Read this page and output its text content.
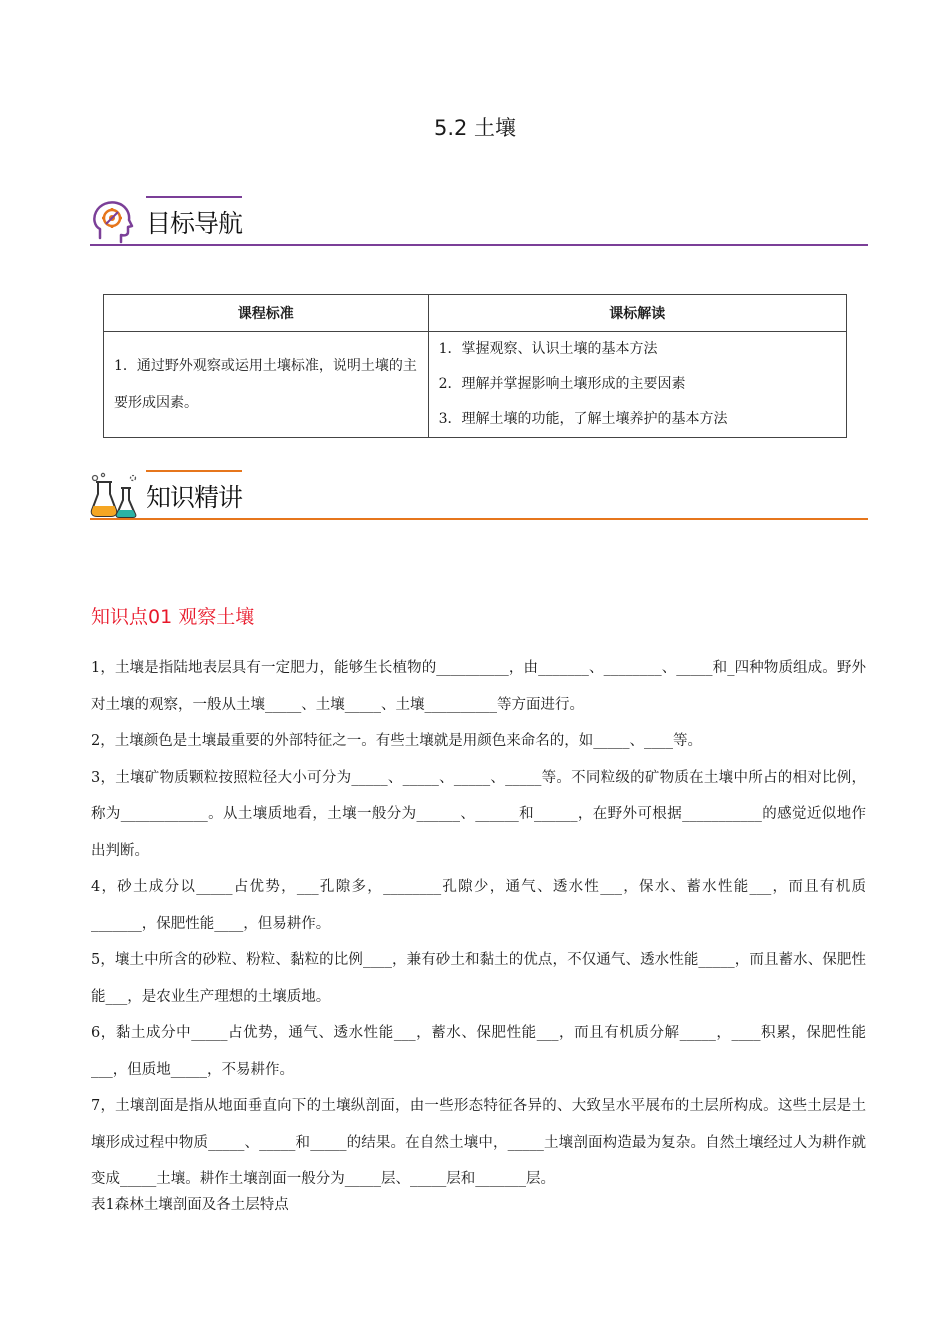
5.2 土壤
目标导航
课程标准	课标解读
1．通过野外观察或运用土壤标准，说明土壤的主要形成因素。	1．掌握观察、认识土壤的基本方法
2．理解并掌握影响土壤形成的主要因素
3．理解土壤的功能，了解土壤养护的基本方法
知识精讲
知识点01 观察土壤

1，土壤是指陆地表层具有一定肥力，能够生长植物的__________，由_______、________、_____和_四种物质组成。野外对土壤的观察，一般从土壤_____、土壤_____、土壤__________等方面进行。

2，土壤颜色是土壤最重要的外部特征之一。有些土壤就是用颜色来命名的，如_____、____等。

3，土壤矿物质颗粒按照粒径大小可分为_____、_____、_____、_____等。不同粒级的矿物质在土壤中所占的相对比例，称为____________。从土壤质地看，土壤一般分为______、______和______，在野外可根据___________的感觉近似地作出判断。

4，砂土成分以_____占优势，___孔隙多，________孔隙少，通气、透水性___，保水、蓄水性能___，而且有机质_______，保肥性能____，但易耕作。

5，壤土中所含的砂粒、粉粒、黏粒的比例____，兼有砂土和黏土的优点，不仅通气、透水性能_____，而且蓄水、保肥性能___，是农业生产理想的土壤质地。

6，黏土成分中_____占优势，通气、透水性能___，蓄水、保肥性能___，而且有机质分解_____，____积累，保肥性能___，但质地_____，不易耕作。

7，土壤剖面是指从地面垂直向下的土壤纵剖面，由一些形态特征各异的、大致呈水平展布的土层所构成。这些土层是土壤形成过程中物质_____、_____和_____的结果。在自然土壤中，_____土壤剖面构造最为复杂。自然土壤经过人为耕作就变成_____土壤。耕作土壤剖面一般分为_____层、_____层和_______层。

表1森林土壤剖面及各土层特点
